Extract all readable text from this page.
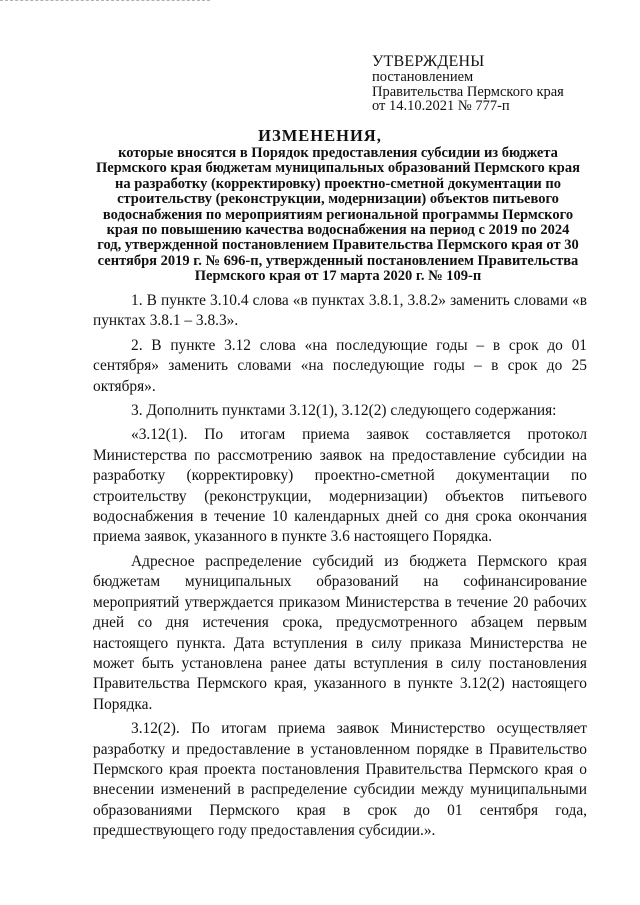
УТВЕРЖДЕНЫ
постановлением
Правительства Пермского края
от 14.10.2021 № 777-п
ИЗМЕНЕНИЯ,
которые вносятся в Порядок предоставления субсидии из бюджета Пермского края бюджетам муниципальных образований Пермского края на разработку (корректировку) проектно-сметной документации по строительству (реконструкции, модернизации) объектов питьевого водоснабжения по мероприятиям региональной программы Пермского края по повышению качества водоснабжения на период с 2019 по 2024 год, утвержденной постановлением Правительства Пермского края от 30 сентября 2019 г. № 696-п, утвержденный постановлением Правительства Пермского края от 17 марта 2020 г. № 109-п

1. В пункте 3.10.4 слова «в пунктах 3.8.1, 3.8.2» заменить словами «в пунктах 3.8.1 – 3.8.3».

2. В пункте 3.12 слова «на последующие годы – в срок до 01 сентября» заменить словами «на последующие годы – в срок до 25 октября».

3. Дополнить пунктами 3.12(1), 3.12(2) следующего содержания:

«3.12(1). По итогам приема заявок составляется протокол Министерства по рассмотрению заявок на предоставление субсидии на разработку (корректировку) проектно-сметной документации по строительству (реконструкции, модернизации) объектов питьевого водоснабжения в течение 10 календарных дней со дня срока окончания приема заявок, указанного в пункте 3.6 настоящего Порядка.

Адресное распределение субсидий из бюджета Пермского края бюджетам муниципальных образований на софинансирование мероприятий утверждается приказом Министерства в течение 20 рабочих дней со дня истечения срока, предусмотренного абзацем первым настоящего пункта. Дата вступления в силу приказа Министерства не может быть установлена ранее даты вступления в силу постановления Правительства Пермского края, указанного в пункте 3.12(2) настоящего Порядка.

3.12(2). По итогам приема заявок Министерство осуществляет разработку и предоставление в установленном порядке в Правительство Пермского края проекта постановления Правительства Пермского края о внесении изменений в распределение субсидии между муниципальными образованиями Пермского края в срок до 01 сентября года, предшествующего году предоставления субсидии.».
